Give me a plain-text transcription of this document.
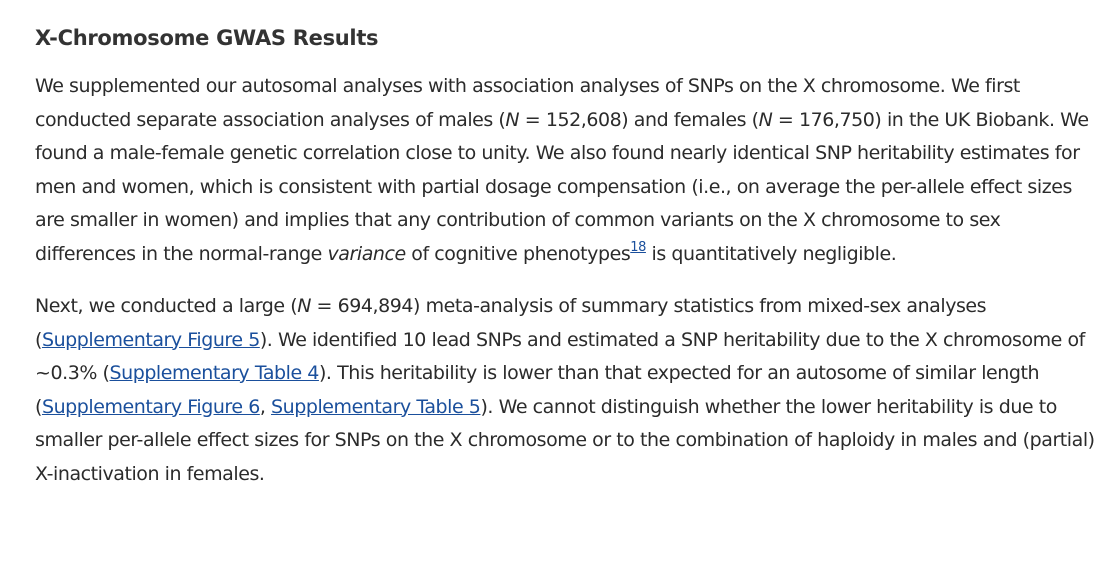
X-Chromosome GWAS Results

We supplemented our autosomal analyses with association analyses of SNPs on the X chromosome. We first conducted separate association analyses of males (N = 152,608) and females (N = 176,750) in the UK Biobank. We found a male-female genetic correlation close to unity. We also found nearly identical SNP heritability estimates for men and women, which is consistent with partial dosage compensation (i.e., on average the per-allele effect sizes are smaller in women) and implies that any contribution of common variants on the X chromosome to sex differences in the normal-range variance of cognitive phenotypes$^{18}$ is quantitatively negligible.

Next, we conducted a large (N = 694,894) meta-analysis of summary statistics from mixed-sex analyses (Supplementary Figure 5). We identified 10 lead SNPs and estimated a SNP heritability due to the X chromosome of ~0.3% (Supplementary Table 4). This heritability is lower than that expected for an autosome of similar length (Supplementary Figure 6, Supplementary Table 5). We cannot distinguish whether the lower heritability is due to smaller per-allele effect sizes for SNPs on the X chromosome or to the combination of haploidy in males and (partial) X-inactivation in females.
